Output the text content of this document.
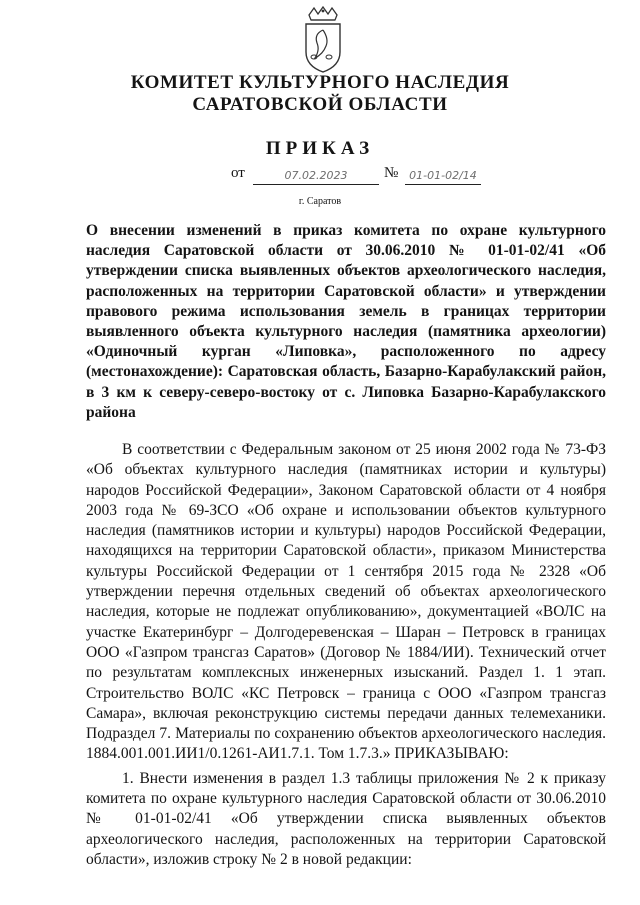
КОМИТЕТ КУЛЬТУРНОГО НАСЛЕДИЯ
САРАТОВСКОЙ ОБЛАСТИ
ПРИКАЗ
от	07.02.2023	№ 01-01-02/14
г. Саратов
О внесении изменений в приказ комитета по охране культурного наследия Саратовской области от 30.06.2010 № 01-01-02/41 «Об утверждении списка выявленных объектов археологического наследия, расположенных на территории Саратовской области» и утверждении правового режима использования земель в границах территории выявленного объекта культурного наследия (памятника археологии) «Одиночный курган «Липовка», расположенного по адресу (местонахождение): Саратовская область, Базарно-Карабулакский район, в 3 км к северу-северо-востоку от с. Липовка Базарно-Карабулакского района

В соответствии с Федеральным законом от 25 июня 2002 года № 73-ФЗ «Об объектах культурного наследия (памятниках истории и культуры) народов Российской Федерации», Законом Саратовской области от 4 ноября 2003 года № 69-ЗСО «Об охране и использовании объектов культурного наследия (памятников истории и культуры) народов Российской Федерации, находящихся на территории Саратовской области», приказом Министерства культуры Российской Федерации от 1 сентября 2015 года № 2328 «Об утверждении перечня отдельных сведений об объектах археологического наследия, которые не подлежат опубликованию», документацией «ВОЛС на участке Екатеринбург – Долгодеревенская – Шаран – Петровск в границах ООО «Газпром трансгаз Саратов» (Договор № 1884/ИИ). Технический отчет по результатам комплексных инженерных изысканий. Раздел 1. 1 этап. Строительство ВОЛС «КС Петровск – граница с ООО «Газпром трансгаз Самара», включая реконструкцию системы передачи данных телемеханики. Подраздел 7. Материалы по сохранению объектов археологического наследия. 1884.001.001.ИИ1/0.1261-АИ1.7.1. Том 1.7.3.» ПРИКАЗЫВАЮ:

1. Внести изменения в раздел 1.3 таблицы приложения № 2 к приказу комитета по охране культурного наследия Саратовской области от 30.06.2010 № 01-01-02/41 «Об утверждении списка выявленных объектов археологического наследия, расположенных на территории Саратовской области», изложив строку № 2 в новой редакции:
